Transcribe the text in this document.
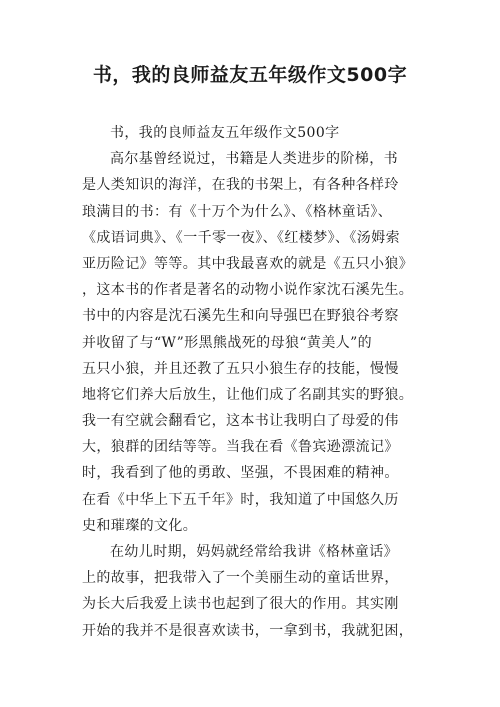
书，我的良师益友五年级作文500字
书，我的良师益友五年级作文500字
高尔基曾经说过，书籍是人类进步的阶梯，书
是人类知识的海洋，在我的书架上，有各种各样玲
琅满目的书：有《十万个为什么》、《格林童话》、
《成语词典》、《一千零一夜》、《红楼梦》、《汤姆索
亚历险记》等等。其中我最喜欢的就是《五只小狼》
，这本书的作者是著名的动物小说作家沈石溪先生。
书中的内容是沈石溪先生和向导强巴在野狼谷考察
并收留了与“W”形黑熊战死的母狼“黄美人”的
五只小狼，并且还教了五只小狼生存的技能，慢慢
地将它们养大后放生，让他们成了名副其实的野狼。
我一有空就会翻看它，这本书让我明白了母爱的伟
大，狼群的团结等等。当我在看《鲁宾逊漂流记》
时，我看到了他的勇敢、坚强，不畏困难的精神。
在看《中华上下五千年》时，我知道了中国悠久历
史和璀璨的文化。
在幼儿时期，妈妈就经常给我讲《格林童话》
上的故事，把我带入了一个美丽生动的童话世界，
为长大后我爱上读书也起到了很大的作用。其实刚
开始的我并不是很喜欢读书，一拿到书，我就犯困，
